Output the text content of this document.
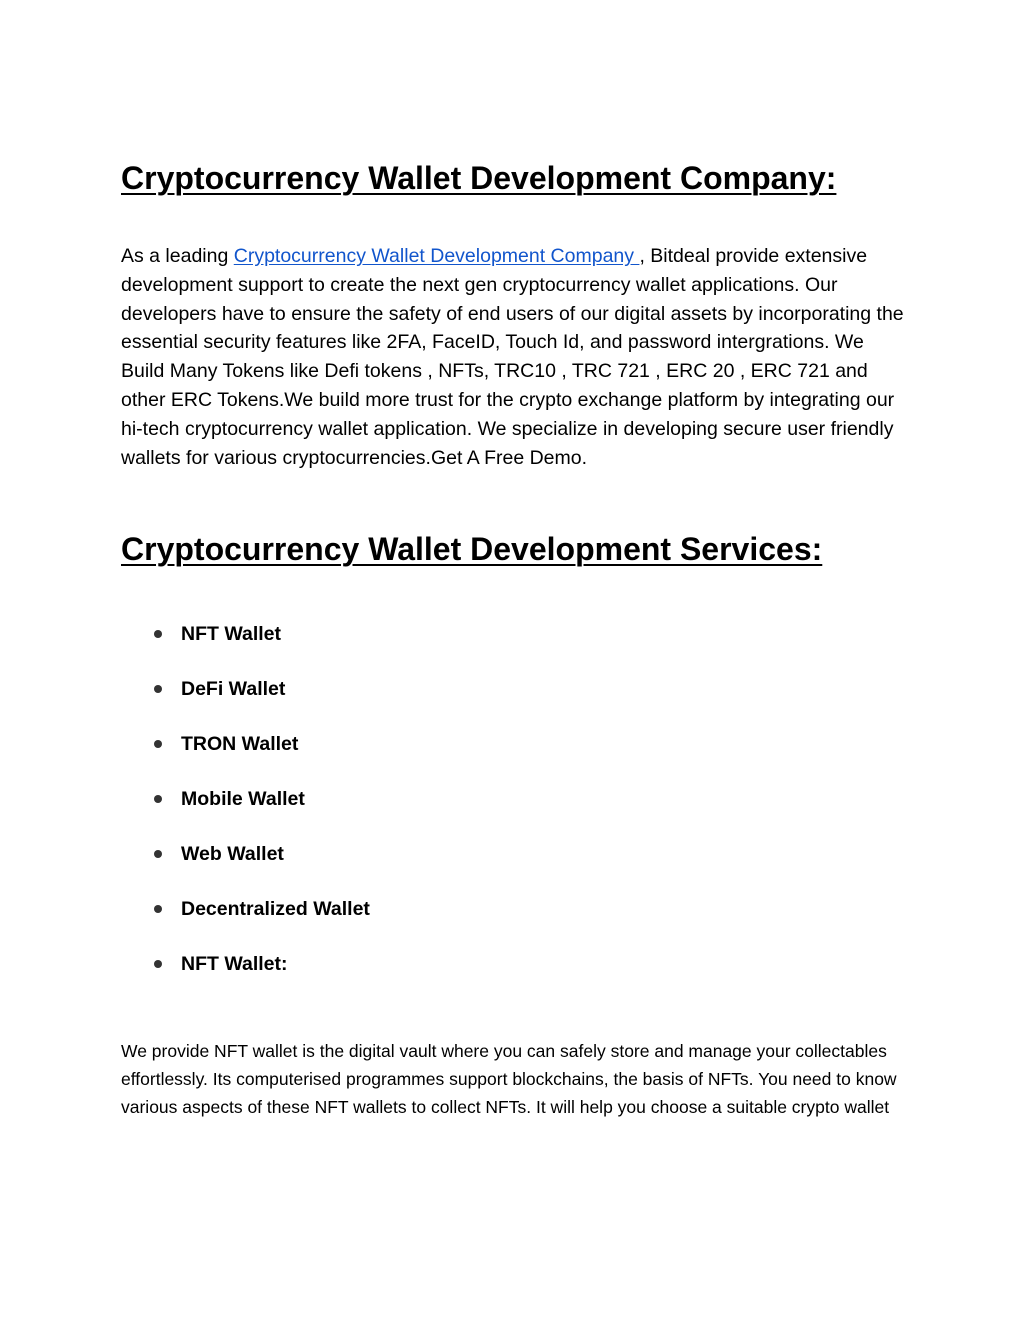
Cryptocurrency Wallet Development Company:

As a leading Cryptocurrency Wallet Development Company , Bitdeal provide extensive development support to create the next gen cryptocurrency wallet applications. Our developers have to ensure the safety of end users of our digital assets by incorporating the essential security features like 2FA, FaceID, Touch Id, and password intergrations. We Build Many Tokens like Defi tokens , NFTs, TRC10 , TRC 721 , ERC 20 , ERC 721 and other ERC Tokens.We build more trust for the crypto exchange platform by integrating our hi-tech cryptocurrency wallet application. We specialize in developing secure user friendly wallets for various cryptocurrencies.Get A Free Demo.

Cryptocurrency Wallet Development Services:
NFT Wallet
DeFi Wallet
TRON Wallet
Mobile Wallet
Web Wallet
Decentralized Wallet
NFT Wallet:

We provide NFT wallet is the digital vault where you can safely store and manage your collectables effortlessly. Its computerised programmes support blockchains, the basis of NFTs. You need to know various aspects of these NFT wallets to collect NFTs. It will help you choose a suitable crypto wallet
